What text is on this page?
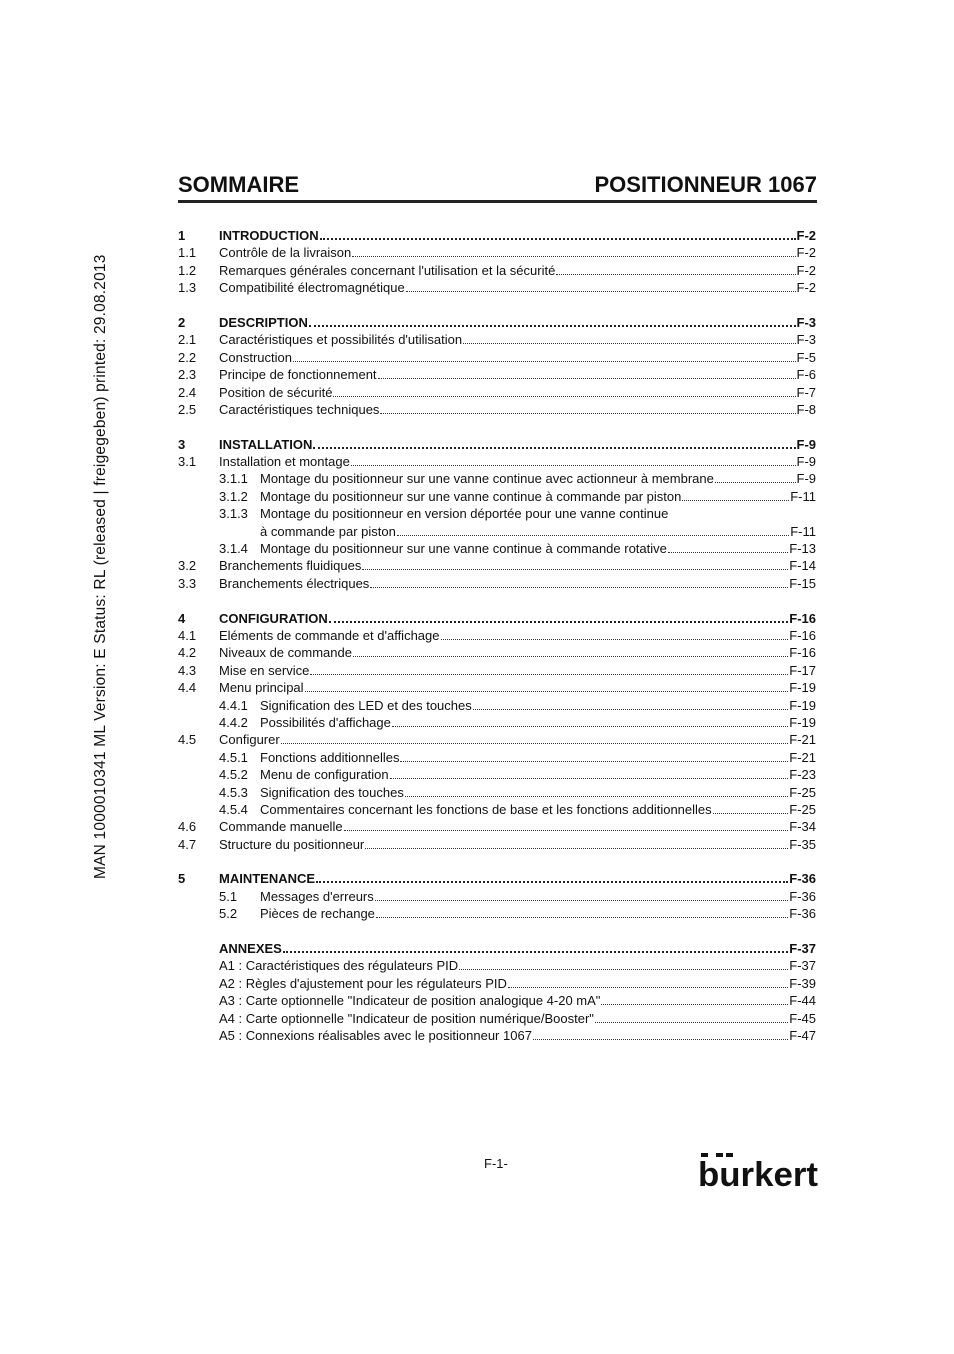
MAN 1000010341 ML Version: E Status: RL (released | freigegeben) printed: 29.08.2013
SOMMAIRE	POSITIONNEUR 1067
1	INTRODUCTION	F-2
1.1 Contrôle de la livraison	F-2
1.2 Remarques générales concernant l'utilisation et la sécurité	F-2
1.3 Compatibilité électromagnétique	F-2
2	DESCRIPTION	F-3
2.1 Caractéristiques et possibilités d'utilisation	F-3
2.2 Construction	F-5
2.3 Principe de fonctionnement	F-6
2.4 Position de sécurité	F-7
2.5 Caractéristiques techniques	F-8
3	INSTALLATION	F-9
3.1 Installation et montage	F-9
3.1.1 Montage du positionneur sur une vanne continue avec actionneur à membrane	F-9
3.1.2 Montage du positionneur sur une vanne continue à commande par piston	F-11
3.1.3 Montage du positionneur en version déportée pour une vanne continue
à commande par piston	F-11
3.1.4 Montage du positionneur sur une vanne continue à commande rotative	F-13
3.2 Branchements fluidiques	F-14
3.3 Branchements électriques	F-15
4	CONFIGURATION	F-16
4.1 Eléments de commande et d'affichage	F-16
4.2 Niveaux de commande	F-16
4.3 Mise en service	F-17
4.4 Menu principal	F-19
4.4.1 Signification des LED et des touches	F-19
4.4.2 Possibilités d'affichage	F-19
4.5 Configurer	F-21
4.5.1 Fonctions additionnelles	F-21
4.5.2 Menu de configuration	F-23
4.5.3 Signification des touches	F-25
4.5.4 Commentaires concernant les fonctions de base et les fonctions additionnelles	F-25
4.6 Commande manuelle	F-34
4.7 Structure du positionneur	F-35
5	MAINTENANCE	F-36
5.1	Messages d'erreurs	F-36
5.2	Pièces de rechange	F-36
ANNEXES	F-37
A1 : Caractéristiques des régulateurs PID	F-37
A2 : Règles d'ajustement pour les régulateurs PID	F-39
A3 : Carte optionnelle "Indicateur de position analogique 4-20 mA"	F-44
A4 : Carte optionnelle "Indicateur de position numérique/Booster"	F-45
A5 : Connexions réalisables avec le positionneur 1067	F-47
F-1-	burkert
